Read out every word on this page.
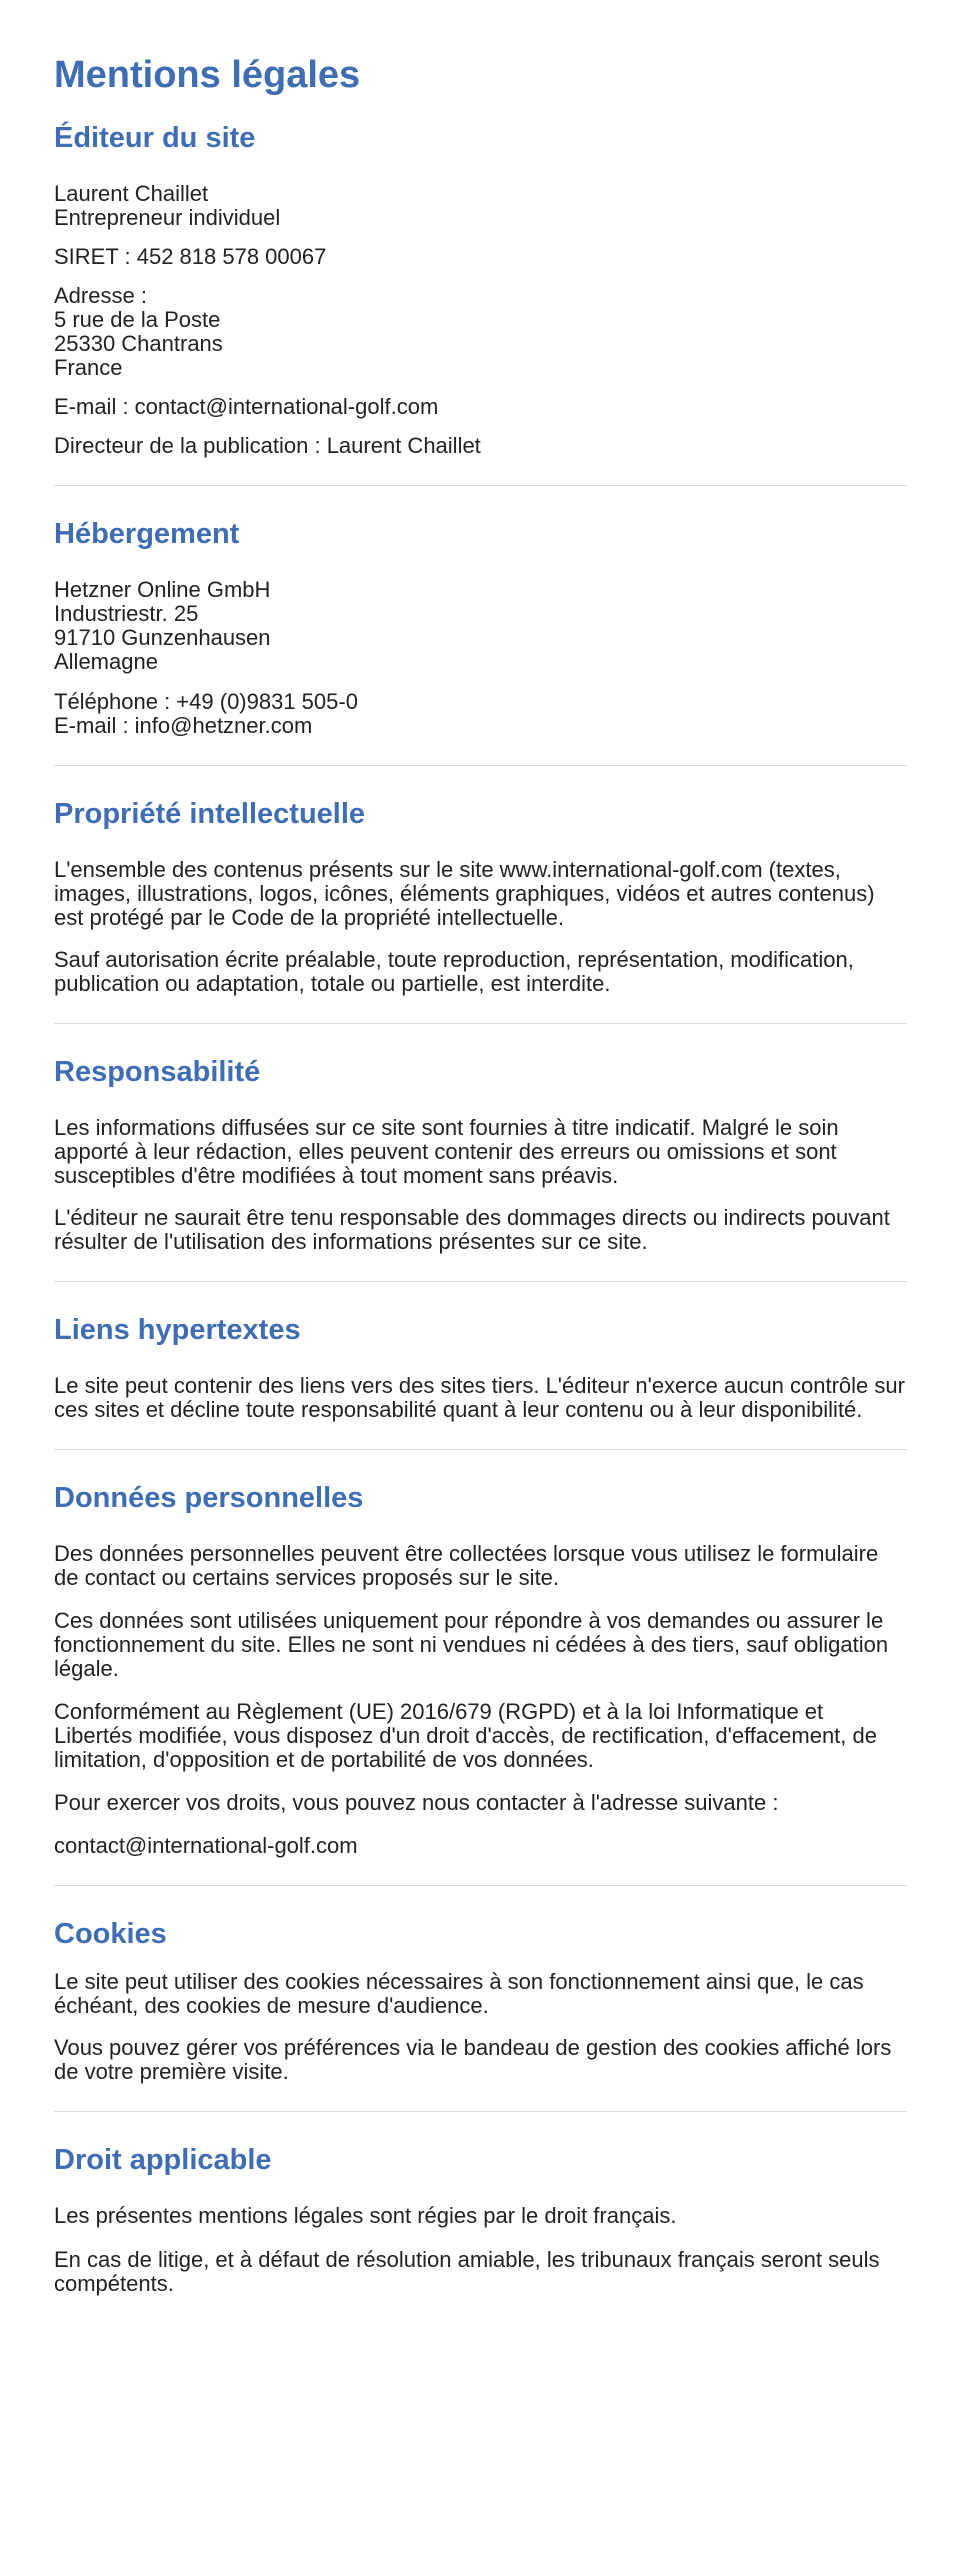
Mentions légales
Éditeur du site

Laurent Chaillet
Entrepreneur individuel

SIRET : 452 818 578 00067

Adresse :
5 rue de la Poste
25330 Chantrans
France

E-mail : contact@international-golf.com

Directeur de la publication : Laurent Chaillet

Hébergement

Hetzner Online GmbH
Industriestr. 25
91710 Gunzenhausen
Allemagne

Téléphone : +49 (0)9831 505-0
E-mail : info@hetzner.com

Propriété intellectuelle

L'ensemble des contenus présents sur le site www.international-golf.com (textes, images, illustrations, logos, icônes, éléments graphiques, vidéos et autres contenus) est protégé par le Code de la propriété intellectuelle.

Sauf autorisation écrite préalable, toute reproduction, représentation, modification, publication ou adaptation, totale ou partielle, est interdite.

Responsabilité

Les informations diffusées sur ce site sont fournies à titre indicatif. Malgré le soin apporté à leur rédaction, elles peuvent contenir des erreurs ou omissions et sont susceptibles d'être modifiées à tout moment sans préavis.

L'éditeur ne saurait être tenu responsable des dommages directs ou indirects pouvant résulter de l'utilisation des informations présentes sur ce site.

Liens hypertextes

Le site peut contenir des liens vers des sites tiers. L'éditeur n'exerce aucun contrôle sur ces sites et décline toute responsabilité quant à leur contenu ou à leur disponibilité.

Données personnelles

Des données personnelles peuvent être collectées lorsque vous utilisez le formulaire de contact ou certains services proposés sur le site.

Ces données sont utilisées uniquement pour répondre à vos demandes ou assurer le fonctionnement du site. Elles ne sont ni vendues ni cédées à des tiers, sauf obligation légale.

Conformément au Règlement (UE) 2016/679 (RGPD) et à la loi Informatique et Libertés modifiée, vous disposez d'un droit d'accès, de rectification, d'effacement, de limitation, d'opposition et de portabilité de vos données.

Pour exercer vos droits, vous pouvez nous contacter à l'adresse suivante :

contact@international-golf.com

Cookies

Le site peut utiliser des cookies nécessaires à son fonctionnement ainsi que, le cas échéant, des cookies de mesure d'audience.

Vous pouvez gérer vos préférences via le bandeau de gestion des cookies affiché lors de votre première visite.

Droit applicable

Les présentes mentions légales sont régies par le droit français.

En cas de litige, et à défaut de résolution amiable, les tribunaux français seront seuls compétents.
